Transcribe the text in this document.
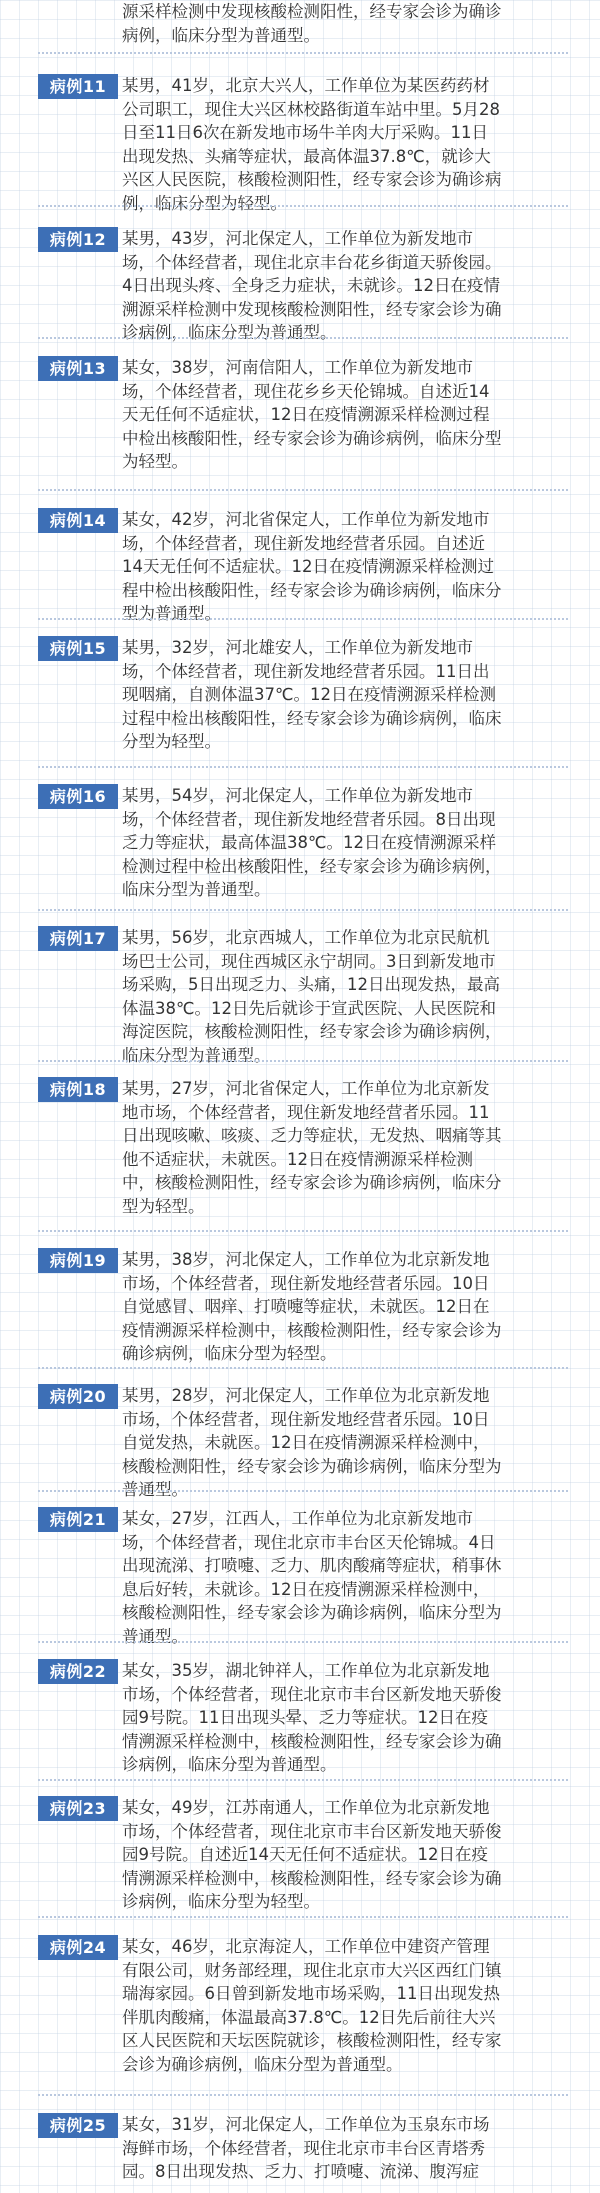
源采样检测中发现核酸检测阳性，经专家会诊为确诊
病例，临床分型为普通型。
病例11 某男，41岁，北京大兴人，工作单位为某医药药材
公司职工，现住大兴区林校路街道车站中里。5月28
日至11日6次在新发地市场牛羊肉大厅采购。11日
出现发热、头痛等症状，最高体温37.8℃，就诊大
兴区人民医院，核酸检测阳性，经专家会诊为确诊病
例，临床分型为轻型。
病例12 某男，43岁，河北保定人，工作单位为新发地市
场，个体经营者，现住北京丰台花乡街道天骄俊园。
4日出现头疼、全身乏力症状，未就诊。12日在疫情
溯源采样检测中发现核酸检测阳性，经专家会诊为确
诊病例，临床分型为普通型。
病例13 某女，38岁，河南信阳人，工作单位为新发地市
场，个体经营者，现住花乡乡天伦锦城。自述近14
天无任何不适症状，12日在疫情溯源采样检测过程
中检出核酸阳性，经专家会诊为确诊病例，临床分型
为轻型。
病例14 某女，42岁，河北省保定人，工作单位为新发地市
场，个体经营者，现住新发地经营者乐园。自述近
14天无任何不适症状。12日在疫情溯源采样检测过
程中检出核酸阳性，经专家会诊为确诊病例，临床分
型为普通型。
病例15 某男，32岁，河北雄安人，工作单位为新发地市
场，个体经营者，现住新发地经营者乐园。11日出
现咽痛，自测体温37℃。12日在疫情溯源采样检测
过程中检出核酸阳性，经专家会诊为确诊病例，临床
分型为轻型。
病例16 某男，54岁，河北保定人，工作单位为新发地市
场，个体经营者，现住新发地经营者乐园。8日出现
乏力等症状，最高体温38℃。12日在疫情溯源采样
检测过程中检出核酸阳性，经专家会诊为确诊病例，
临床分型为普通型。
病例17 某男，56岁，北京西城人，工作单位为北京民航机
场巴士公司，现住西城区永宁胡同。3日到新发地市
场采购，5日出现乏力、头痛，12日出现发热，最高
体温38℃。12日先后就诊于宣武医院、人民医院和
海淀医院，核酸检测阳性，经专家会诊为确诊病例，
临床分型为普通型。
病例18 某男，27岁，河北省保定人，工作单位为北京新发
地市场，个体经营者，现住新发地经营者乐园。11
日出现咳嗽、咳痰、乏力等症状，无发热、咽痛等其
他不适症状，未就医。12日在疫情溯源采样检测
中，核酸检测阳性，经专家会诊为确诊病例，临床分
型为轻型。
病例19 某男，38岁，河北保定人，工作单位为北京新发地
市场，个体经营者，现住新发地经营者乐园。10日
自觉感冒、咽痒、打喷嚏等症状，未就医。12日在
疫情溯源采样检测中，核酸检测阳性，经专家会诊为
确诊病例，临床分型为轻型。
病例20 某男，28岁，河北保定人，工作单位为北京新发地
市场，个体经营者，现住新发地经营者乐园。10日
自觉发热，未就医。12日在疫情溯源采样检测中，
核酸检测阳性，经专家会诊为确诊病例，临床分型为
普通型。
病例21 某女，27岁，江西人，工作单位为北京新发地市
场，个体经营者，现住北京市丰台区天伦锦城。4日
出现流涕、打喷嚏、乏力、肌肉酸痛等症状，稍事休
息后好转，未就诊。12日在疫情溯源采样检测中，
核酸检测阳性，经专家会诊为确诊病例，临床分型为
普通型。
病例22 某女，35岁，湖北钟祥人，工作单位为北京新发地
市场，个体经营者，现住北京市丰台区新发地天骄俊
园9号院。11日出现头晕、乏力等症状。12日在疫
情溯源采样检测中，核酸检测阳性，经专家会诊为确
诊病例，临床分型为普通型。
病例23 某女，49岁，江苏南通人，工作单位为北京新发地
市场，个体经营者，现住北京市丰台区新发地天骄俊
园9号院。自述近14天无任何不适症状。12日在疫
情溯源采样检测中，核酸检测阳性，经专家会诊为确
诊病例，临床分型为轻型。
病例24 某女，46岁，北京海淀人，工作单位中建资产管理
有限公司，财务部经理，现住北京市大兴区西红门镇
瑞海家园。6日曾到新发地市场采购，11日出现发热
伴肌肉酸痛，体温最高37.8℃。12日先后前往大兴
区人民医院和天坛医院就诊，核酸检测阳性，经专家
会诊为确诊病例，临床分型为普通型。
病例25 某女，31岁，河北保定人，工作单位为玉泉东市场
海鲜市场，个体经营者，现住北京市丰台区青塔秀
园。8日出现发热、乏力、打喷嚏、流涕、腹泻症
